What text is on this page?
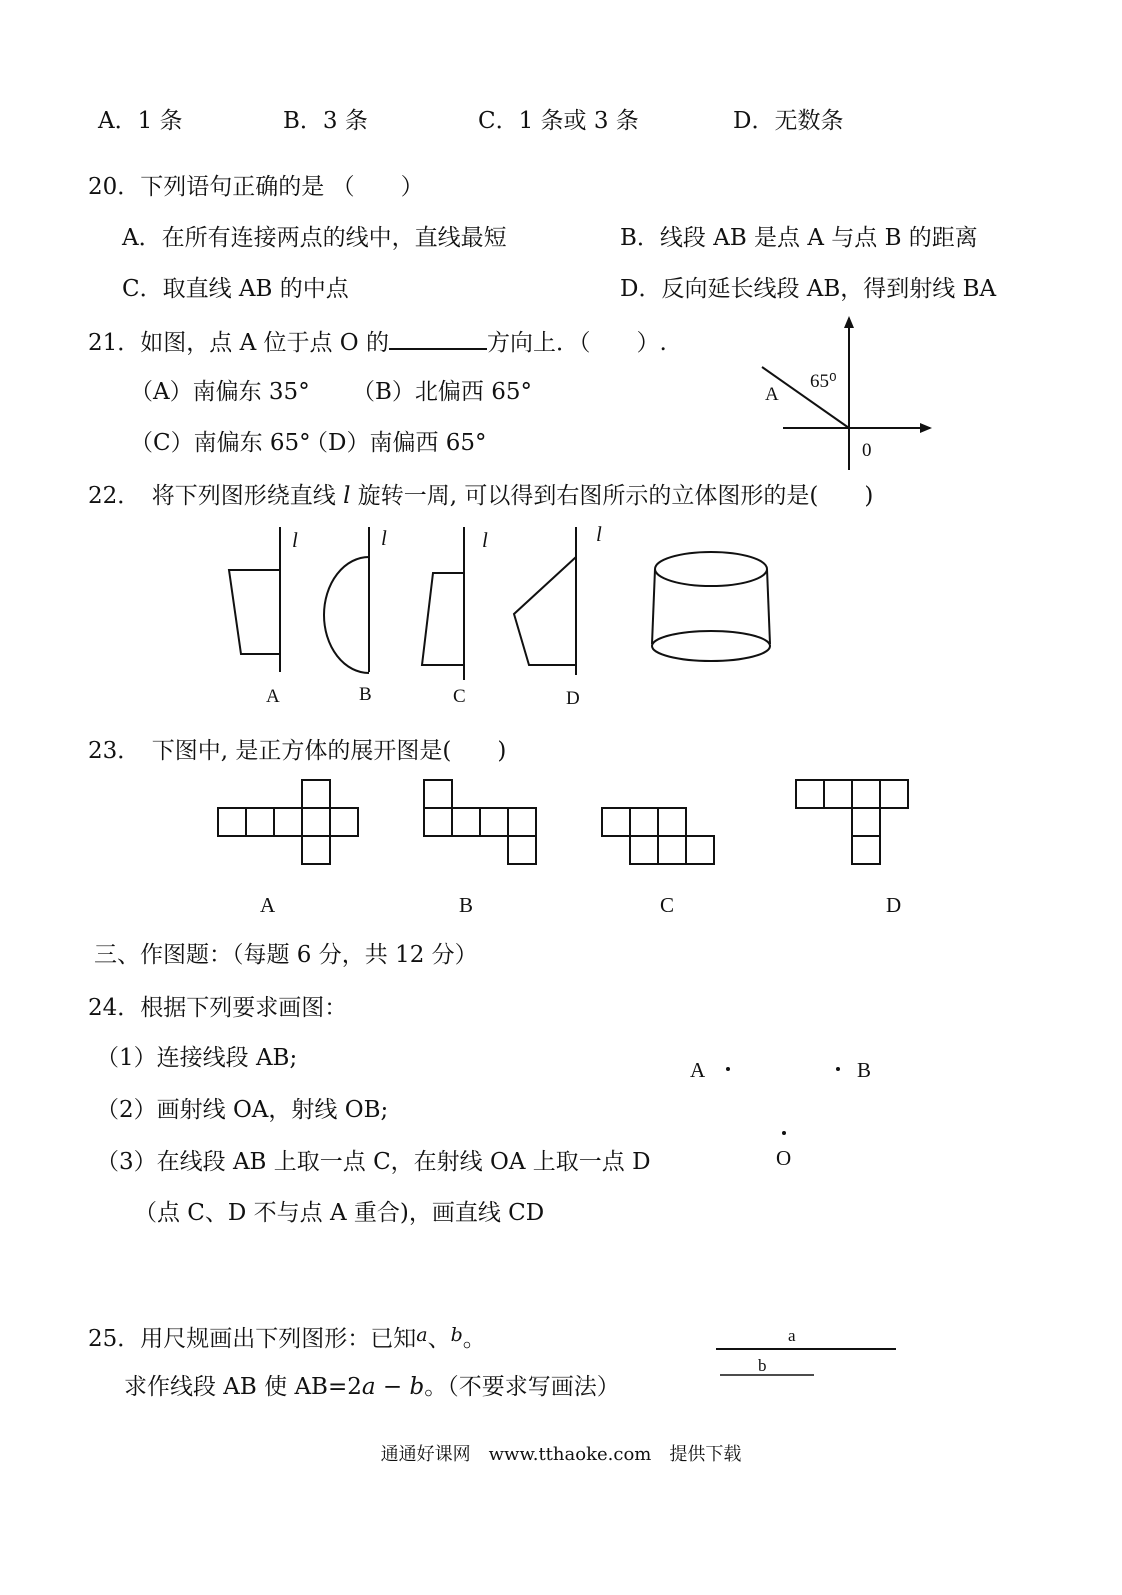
A．1 条	B．3 条	C．1 条或 3 条	D．无数条
20．下列语句正确的是 （　　）
A．在所有连接两点的线中，直线最短	B．线段 AB 是点 A 与点 B 的距离
C．取直线 AB 的中点	D．反向延长线段 AB，得到射线 BA
21．如图，点 A 位于点 O 的	方向上．（　　）.
（A）南偏东 35° （B）北偏西 65°
（C）南偏东 65°
（D）南偏西 65°
22．　将下列图形绕直线 l 旋转一周, 可以得到右图所示的立体图形的是(　　)
23．　下图中, 是正方体的展开图是(　　)
三、作图题：（每题 6 分，共 12 分）
24．根据下列要求画图：
（1）连接线段 AB;
（2）画射线 OA，射线 OB;
（3）在线段 AB 上取一点 C，在射线 OA 上取一点 D
（点 C、D 不与点 A 重合)，画直线 CD
A	B
O
25．用尺规画出下列图形：已知$^a$、$^b$。
求作线段 AB 使 AB=2a − b。（不要求写画法）
a
b
A
65⁰
0
l	l	l	l
A	B	C	D
A	B	C	D
通通好课网　www.tthaoke.com　提供下载
